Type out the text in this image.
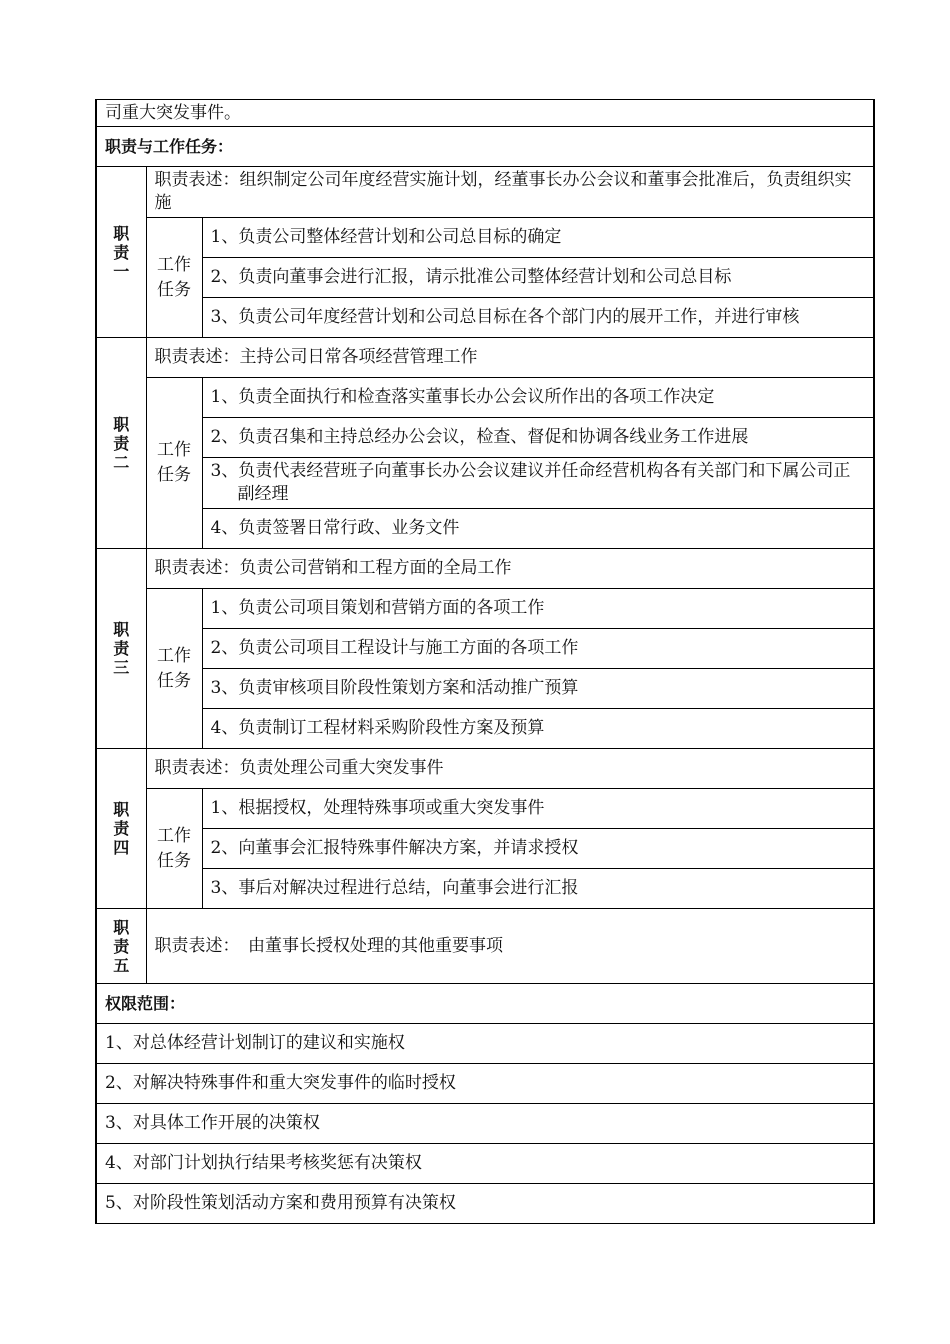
司重大突发事件。		
职责与工作任务：		

职
责
一	职责表述：组织制定公司年度经营实施计划，经董事长办公会议和董事会批准后，负责组织实施	

	工作
任务	1、负责公司整体经营计划和公司总目标的确定

		2、负责向董事会进行汇报，请示批准公司整体经营计划和公司总目标

		3、负责公司年度经营计划和公司总目标在各个部门内的展开工作，并进行审核

职
责
二	职责表述：主持公司日常各项经营管理工作	

	工作
任务	1、负责全面执行和检查落实董事长办公会议所作出的各项工作决定

		2、负责召集和主持总经办公会议，检查、督促和协调各线业务工作进展

		3、负责代表经营班子向董事长办公会议建议并任命经营机构各有关部门和下属公司正副经理

		4、负责签署日常行政、业务文件

职
责
三	职责表述：负责公司营销和工程方面的全局工作	

	工作
任务	1、负责公司项目策划和营销方面的各项工作

		2、负责公司项目工程设计与施工方面的各项工作

		3、负责审核项目阶段性策划方案和活动推广预算

		4、负责制订工程材料采购阶段性方案及预算

职
责
四	职责表述：负责处理公司重大突发事件	

	工作
任务	1、根据授权，处理特殊事项或重大突发事件

		2、向董事会汇报特殊事件解决方案，并请求授权

		3、事后对解决过程进行总结，向董事会进行汇报

职
责
五	职责表述：　由董事长授权处理的其他重要事项	
权限范围：		
1、对总体经营计划制订的建议和实施权		
2、对解决特殊事件和重大突发事件的临时授权		
3、对具体工作开展的决策权		
4、对部门计划执行结果考核奖惩有决策权		
5、对阶段性策划活动方案和费用预算有决策权		
